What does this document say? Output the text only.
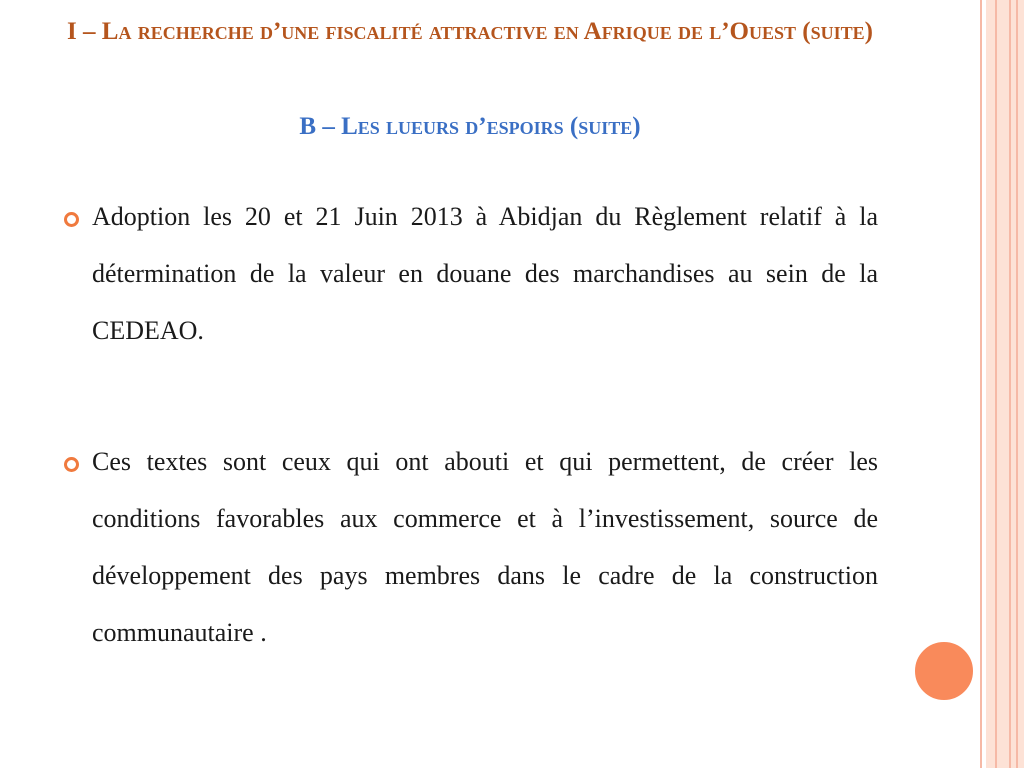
I – La recherche d’une fiscalité attractive en Afrique de l’Ouest (suite)
B – Les lueurs d’espoirs (suite)
Adoption les 20 et 21 Juin 2013 à Abidjan du Règlement relatif à la détermination de la valeur en douane des marchandises au sein de la CEDEAO.
Ces textes sont ceux qui ont abouti et qui permettent, de créer les conditions favorables aux commerce et à l’investissement, source de développement des pays membres dans le cadre de la construction communautaire .
